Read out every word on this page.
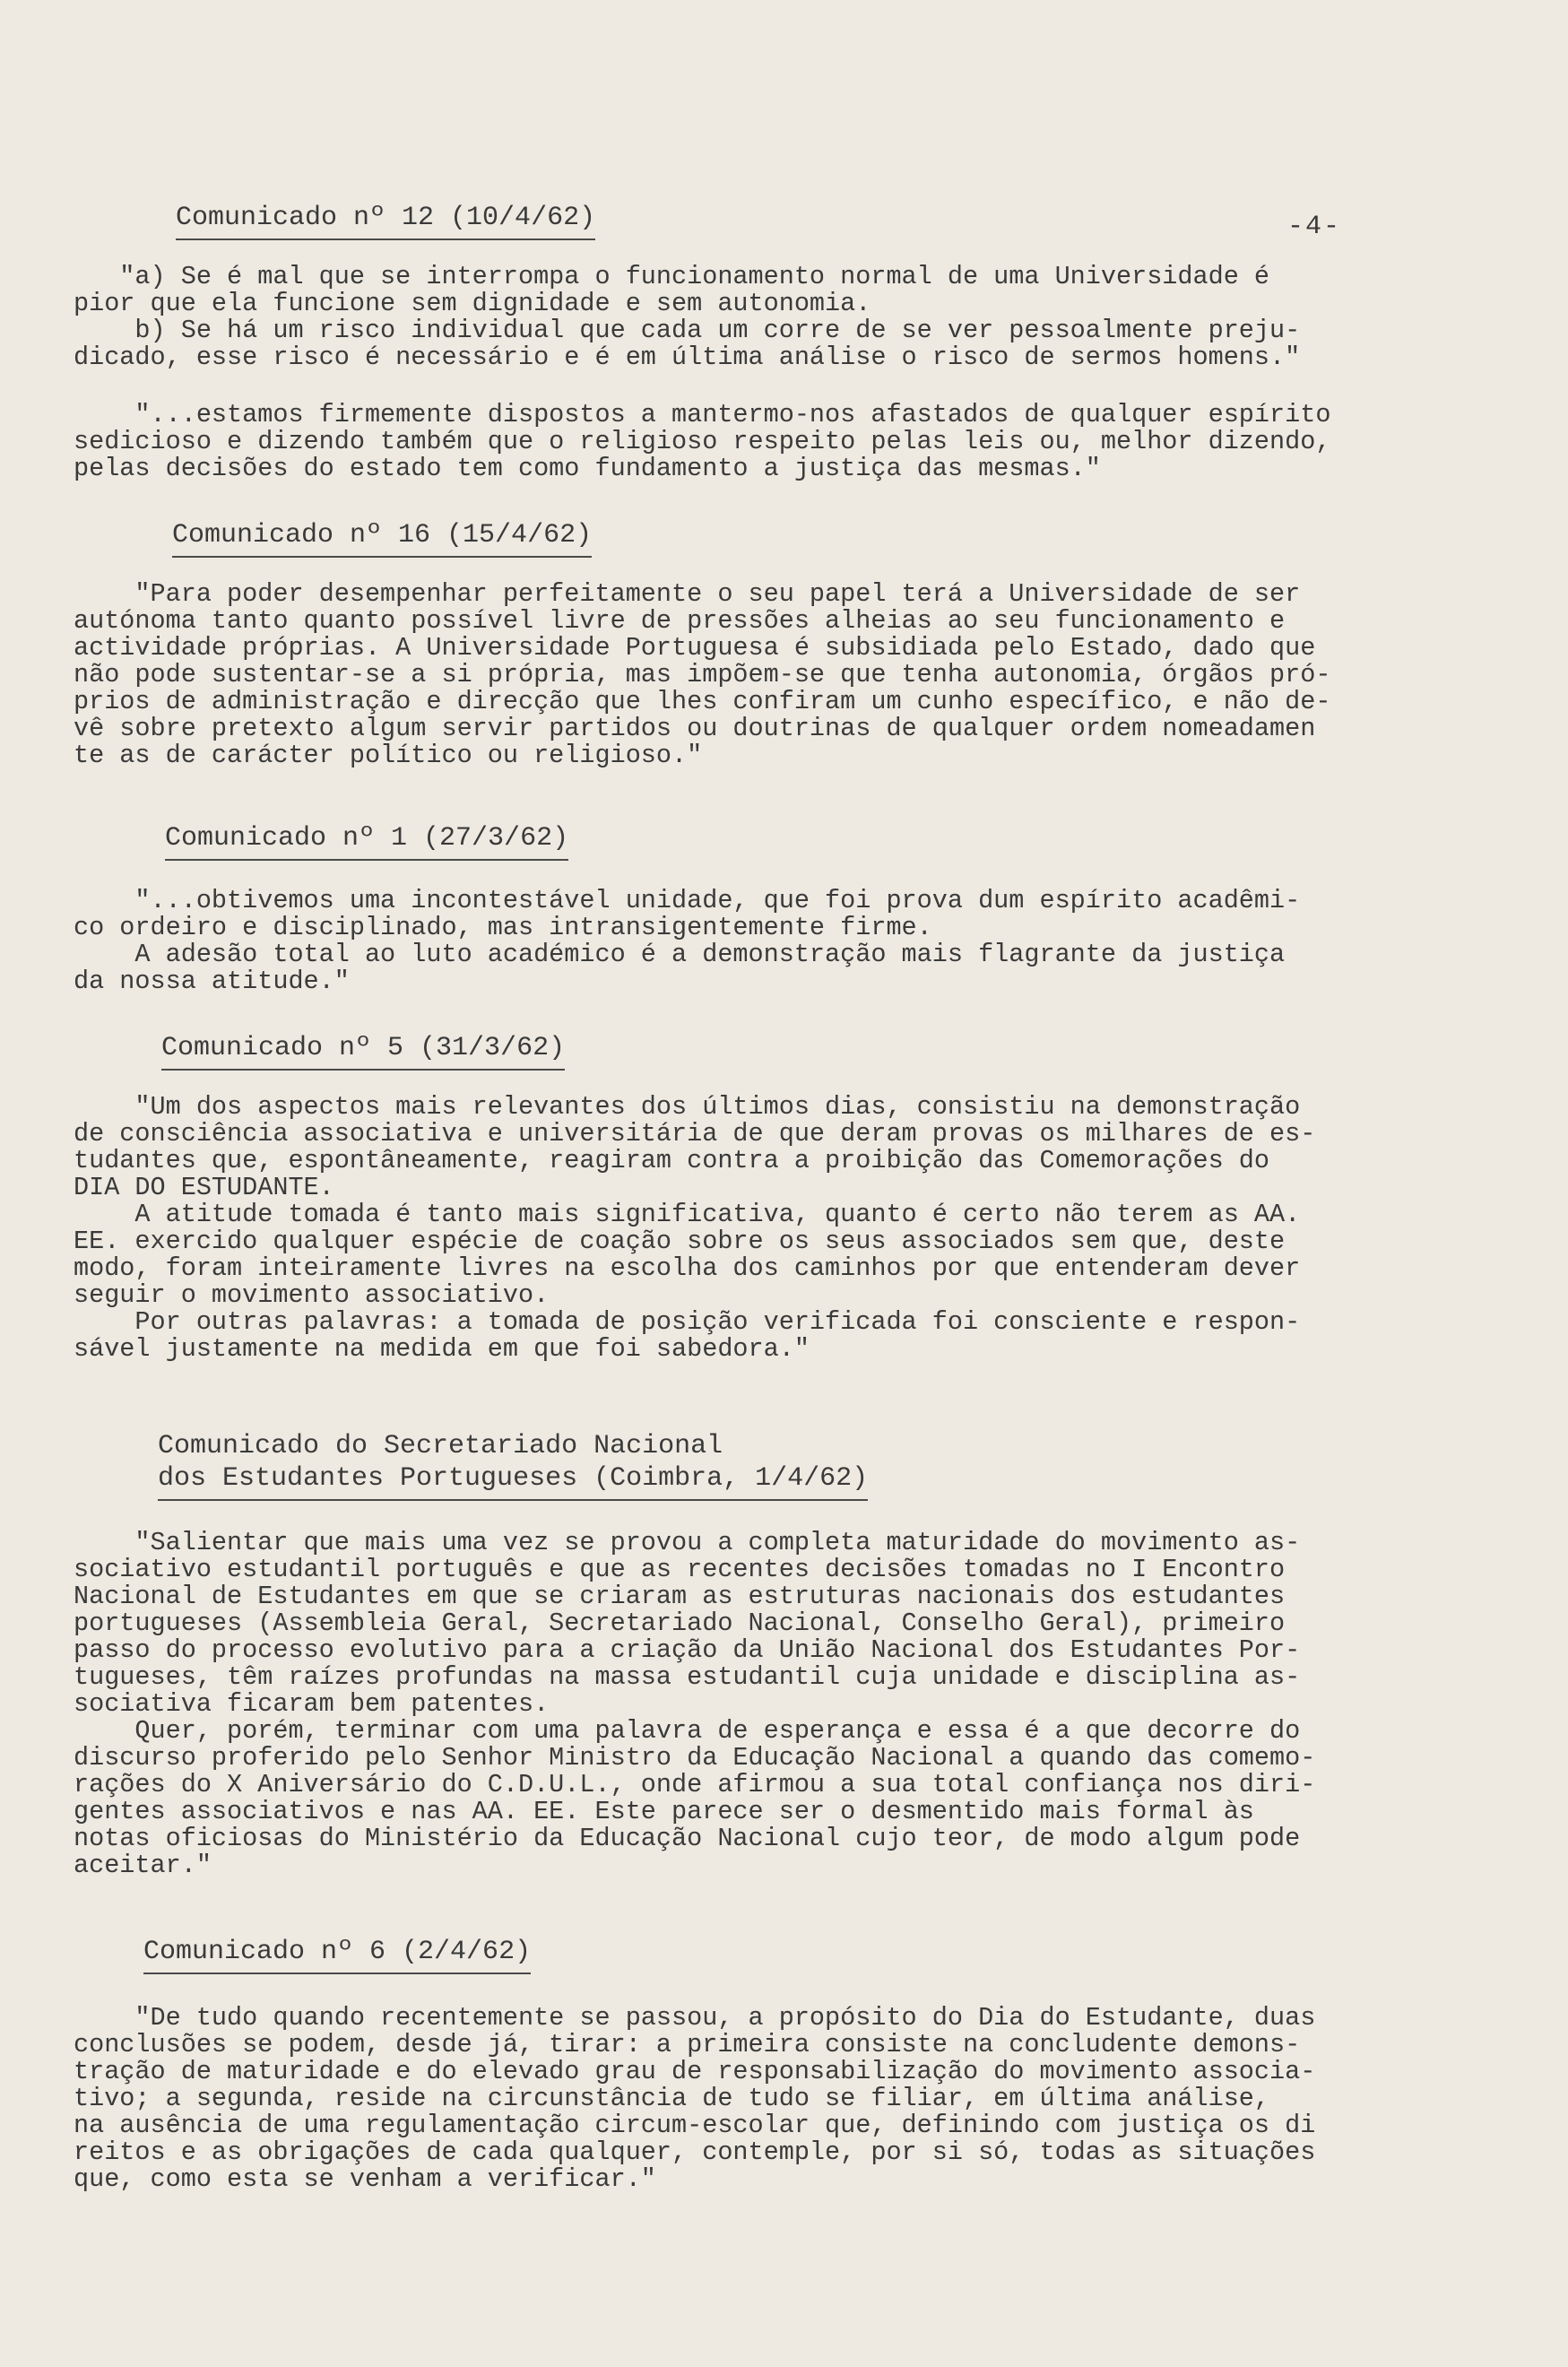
-4-
Comunicado nº 12 (10/4/62)

"a) Se é mal que se interrompa o funcionamento normal de uma Universidade é
pior que ela funcione sem dignidade e sem autonomia.
b) Se há um risco individual que cada um corre de se ver pessoalmente preju-
dicado, esse risco é necessário e é em última análise o risco de sermos homens."

"...estamos firmemente dispostos a mantermo-nos afastados de qualquer espírito
sedicioso e dizendo também que o religioso respeito pelas leis ou, melhor dizendo,
pelas decisões do estado tem como fundamento a justiça das mesmas."

Comunicado nº 16 (15/4/62)

"Para poder desempenhar perfeitamente o seu papel terá a Universidade de ser
autónoma tanto quanto possível livre de pressões alheias ao seu funcionamento e
actividade próprias. A Universidade Portuguesa é subsidiada pelo Estado, dado que
não pode sustentar-se a si própria, mas impõem-se que tenha autonomia, órgãos pró-
prios de administração e direcção que lhes confiram um cunho específico, e não de-
vê sobre pretexto algum servir partidos ou doutrinas de qualquer ordem nomeadamen
te as de carácter político ou religioso."

Comunicado nº 1 (27/3/62)

"...obtivemos uma incontestável unidade, que foi prova dum espírito acadêmi-
co ordeiro e disciplinado, mas intransigentemente firme.
A adesão total ao luto académico é a demonstração mais flagrante da justiça
da nossa atitude."

Comunicado nº 5 (31/3/62)

"Um dos aspectos mais relevantes dos últimos dias, consistiu na demonstração
de consciência associativa e universitária de que deram provas os milhares de es-
tudantes que, espontâneamente, reagiram contra a proibição das Comemorações do
DIA DO ESTUDANTE.
A atitude tomada é tanto mais significativa, quanto é certo não terem as AA.
EE. exercido qualquer espécie de coação sobre os seus associados sem que, deste
modo, foram inteiramente livres na escolha dos caminhos por que entenderam dever
seguir o movimento associativo.
Por outras palavras: a tomada de posição verificada foi consciente e respon-
sável justamente na medida em que foi sabedora."

Comunicado do Secretariado Nacional
dos Estudantes Portugueses (Coimbra, 1/4/62)

"Salientar que mais uma vez se provou a completa maturidade do movimento as-
sociativo estudantil português e que as recentes decisões tomadas no I Encontro
Nacional de Estudantes em que se criaram as estruturas nacionais dos estudantes
portugueses (Assembleia Geral, Secretariado Nacional, Conselho Geral), primeiro
passo do processo evolutivo para a criação da União Nacional dos Estudantes Por-
tugueses, têm raízes profundas na massa estudantil cuja unidade e disciplina as-
sociativa ficaram bem patentes.
Quer, porém, terminar com uma palavra de esperança e essa é a que decorre do
discurso proferido pelo Senhor Ministro da Educação Nacional a quando das comemo-
rações do X Aniversário do C.D.U.L., onde afirmou a sua total confiança nos diri-
gentes associativos e nas AA. EE. Este parece ser o desmentido mais formal às
notas oficiosas do Ministério da Educação Nacional cujo teor, de modo algum pode
aceitar."

Comunicado nº 6 (2/4/62)

"De tudo quando recentemente se passou, a propósito do Dia do Estudante, duas
conclusões se podem, desde já, tirar: a primeira consiste na concludente demons-
tração de maturidade e do elevado grau de responsabilização do movimento associa-
tivo; a segunda, reside na circunstância de tudo se filiar, em última análise,
na ausência de uma regulamentação circum-escolar que, definindo com justiça os di
reitos e as obrigações de cada qualquer, contemple, por si só, todas as situações
que, como esta se venham a verificar."
